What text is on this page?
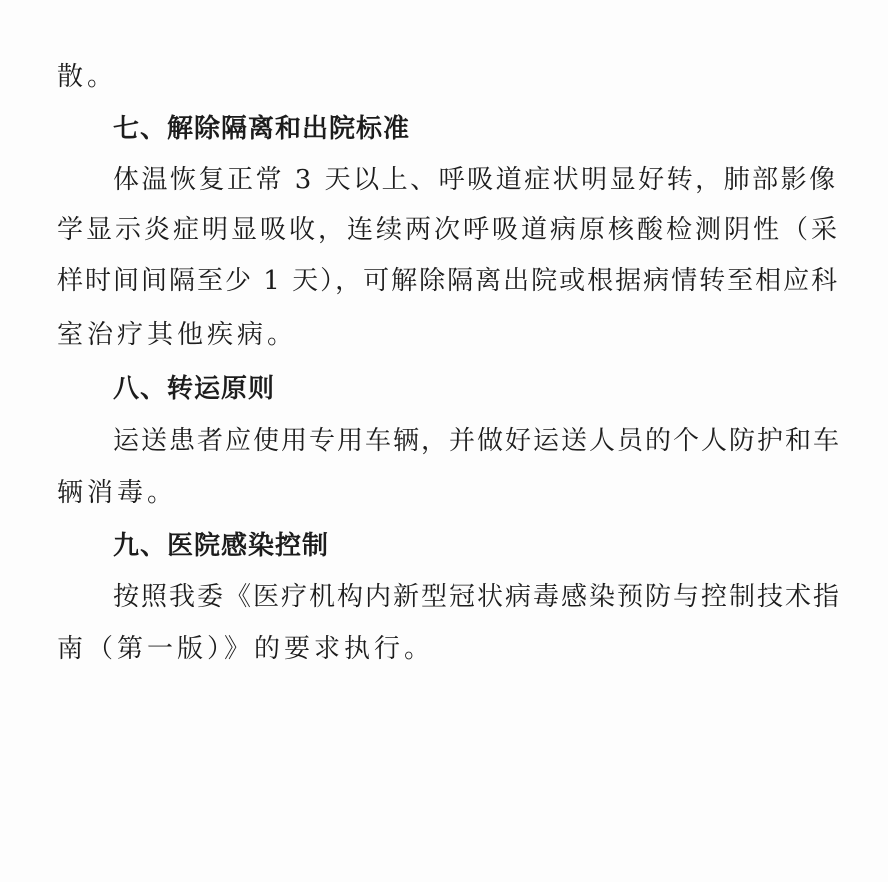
散。

七、解除隔离和出院标准

体温恢复正常 3 天以上、呼吸道症状明显好转，肺部影像

学显示炎症明显吸收，连续两次呼吸道病原核酸检测阴性（采

样时间间隔至少 1 天），可解除隔离出院或根据病情转至相应科

室治疗其他疾病。

八、转运原则

运送患者应使用专用车辆，并做好运送人员的个人防护和车

辆消毒。

九、医院感染控制

按照我委《医疗机构内新型冠状病毒感染预防与控制技术指

南（第一版）》的要求执行。
